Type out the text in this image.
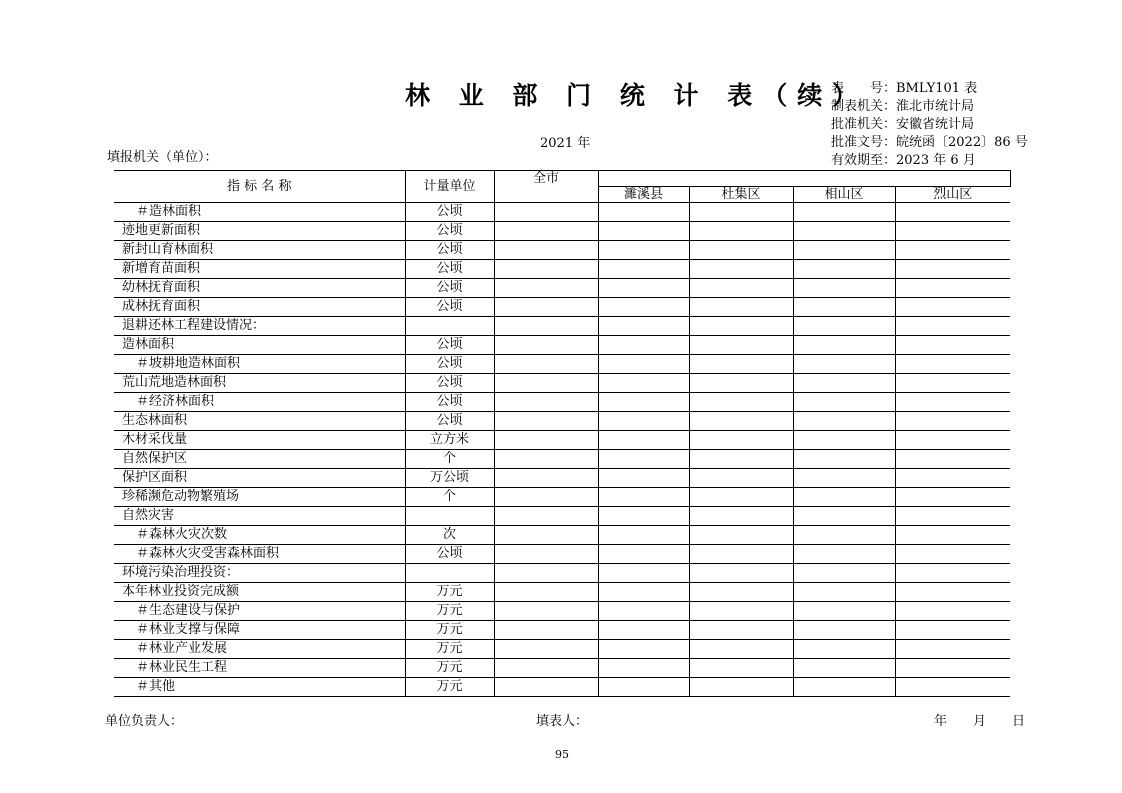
林 业 部 门 统 计 表（续）
表　　号：BMLY101 表
制表机关：淮北市统计局
批准机关：安徽省统计局
批准文号：皖统函〔2022〕86 号
有效期至：2023 年 6 月
2021 年
填报机关（单位）：
指 标 名 称	计量单位	全市				
			濉溪县	杜集区	相山区	烈山区
＃造林面积	公顷					
迹地更新面积	公顷					
新封山育林面积	公顷					
新增育苗面积	公顷					
幼林抚育面积	公顷					
成林抚育面积	公顷					
退耕还林工程建设情况：						
造林面积	公顷					
＃坡耕地造林面积	公顷					
荒山荒地造林面积	公顷					
＃经济林面积	公顷					
生态林面积	公顷					
木材采伐量	立方米					
自然保护区	个					
保护区面积	万公顷					
珍稀濒危动物繁殖场	个					
自然灾害						
＃森林火灾次数	次					
＃森林火灾受害森林面积	公顷					
环境污染治理投资：						
本年林业投资完成额	万元					
＃生态建设与保护	万元					
＃林业支撑与保障	万元					
＃林业产业发展	万元					
＃林业民生工程	万元					
＃其他	万元					
单位负责人：	填表人：	年 月 日
95
